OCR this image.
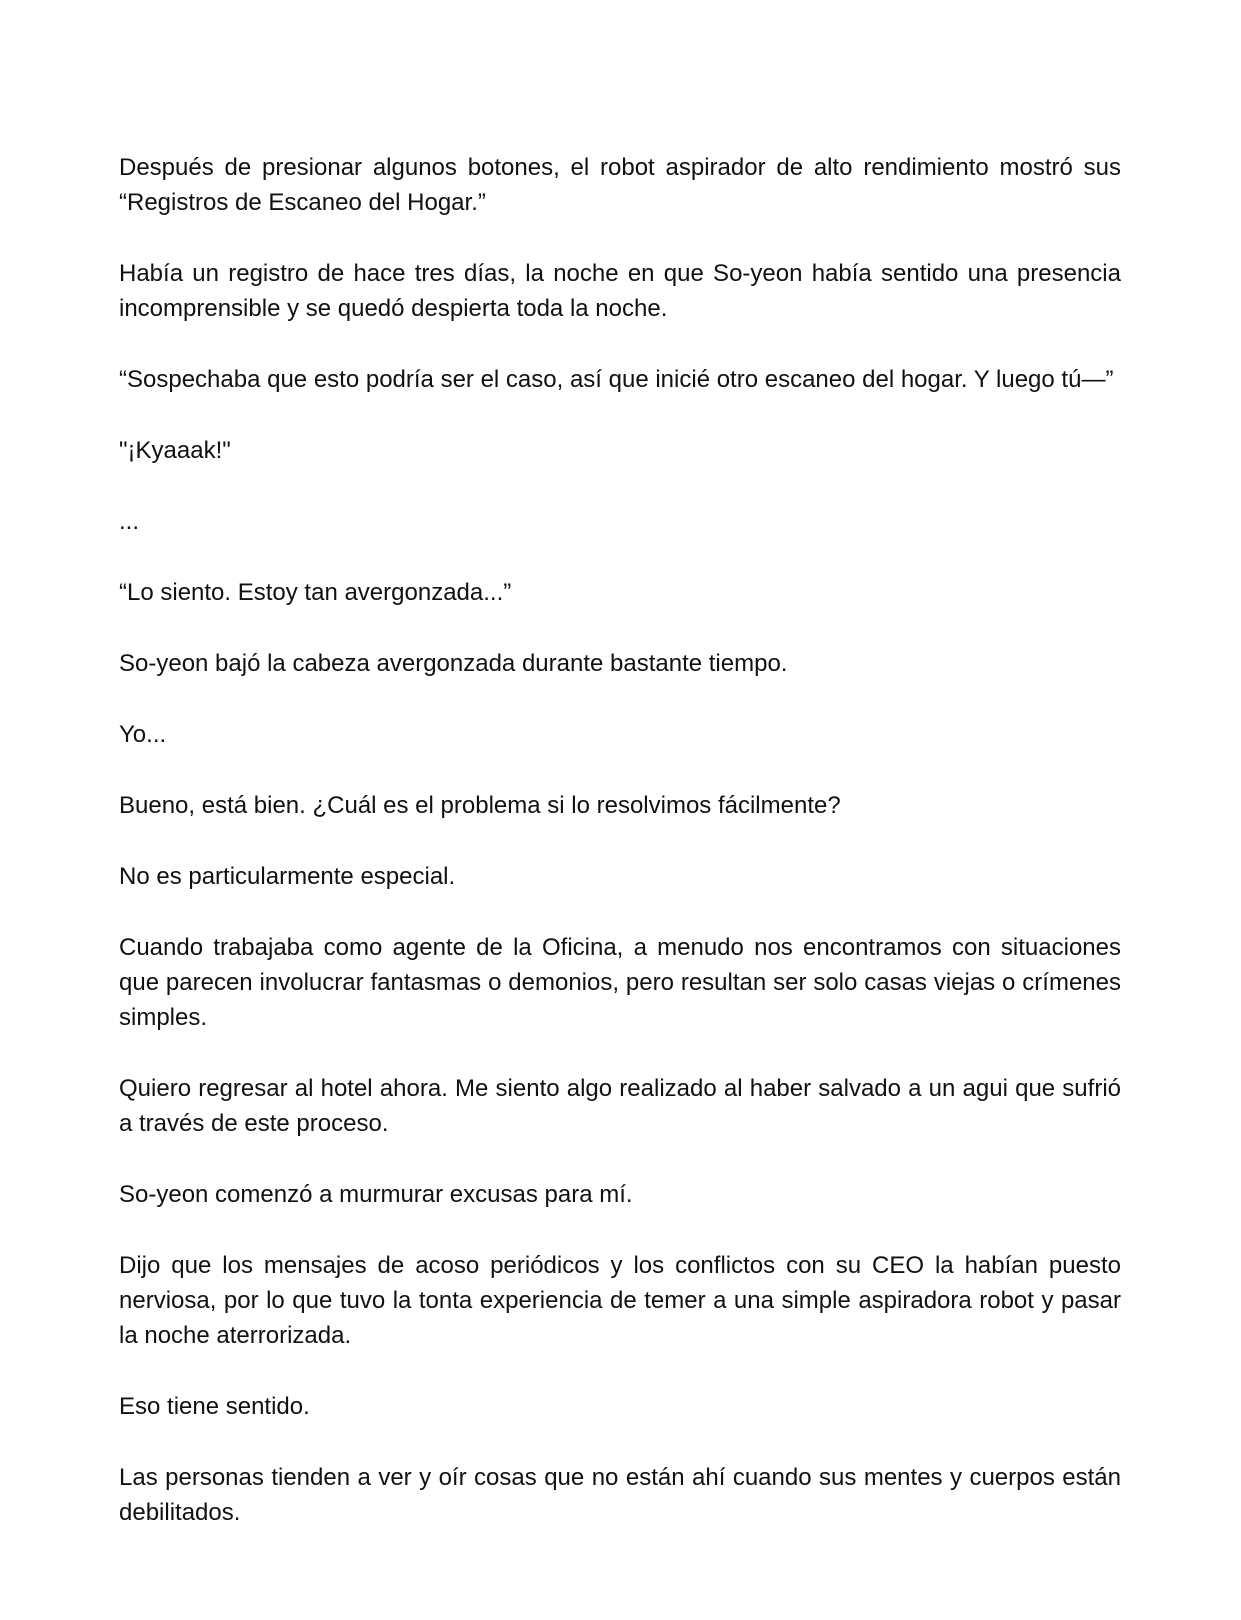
Después de presionar algunos botones, el robot aspirador de alto rendimiento mostró sus “Registros de Escaneo del Hogar.”

Había un registro de hace tres días, la noche en que So-yeon había sentido una presencia incomprensible y se quedó despierta toda la noche.

“Sospechaba que esto podría ser el caso, así que inicié otro escaneo del hogar. Y luego tú—”

"¡Kyaaak!"

...

“Lo siento. Estoy tan avergonzada...”

So-yeon bajó la cabeza avergonzada durante bastante tiempo.

Yo...

Bueno, está bien. ¿Cuál es el problema si lo resolvimos fácilmente?

No es particularmente especial.

Cuando trabajaba como agente de la Oficina, a menudo nos encontramos con situaciones que parecen involucrar fantasmas o demonios, pero resultan ser solo casas viejas o crímenes simples.

Quiero regresar al hotel ahora. Me siento algo realizado al haber salvado a un agui que sufrió a través de este proceso.

So-yeon comenzó a murmurar excusas para mí.

Dijo que los mensajes de acoso periódicos y los conflictos con su CEO la habían puesto nerviosa, por lo que tuvo la tonta experiencia de temer a una simple aspiradora robot y pasar la noche aterrorizada.

Eso tiene sentido.

Las personas tienden a ver y oír cosas que no están ahí cuando sus mentes y cuerpos están debilitados.
